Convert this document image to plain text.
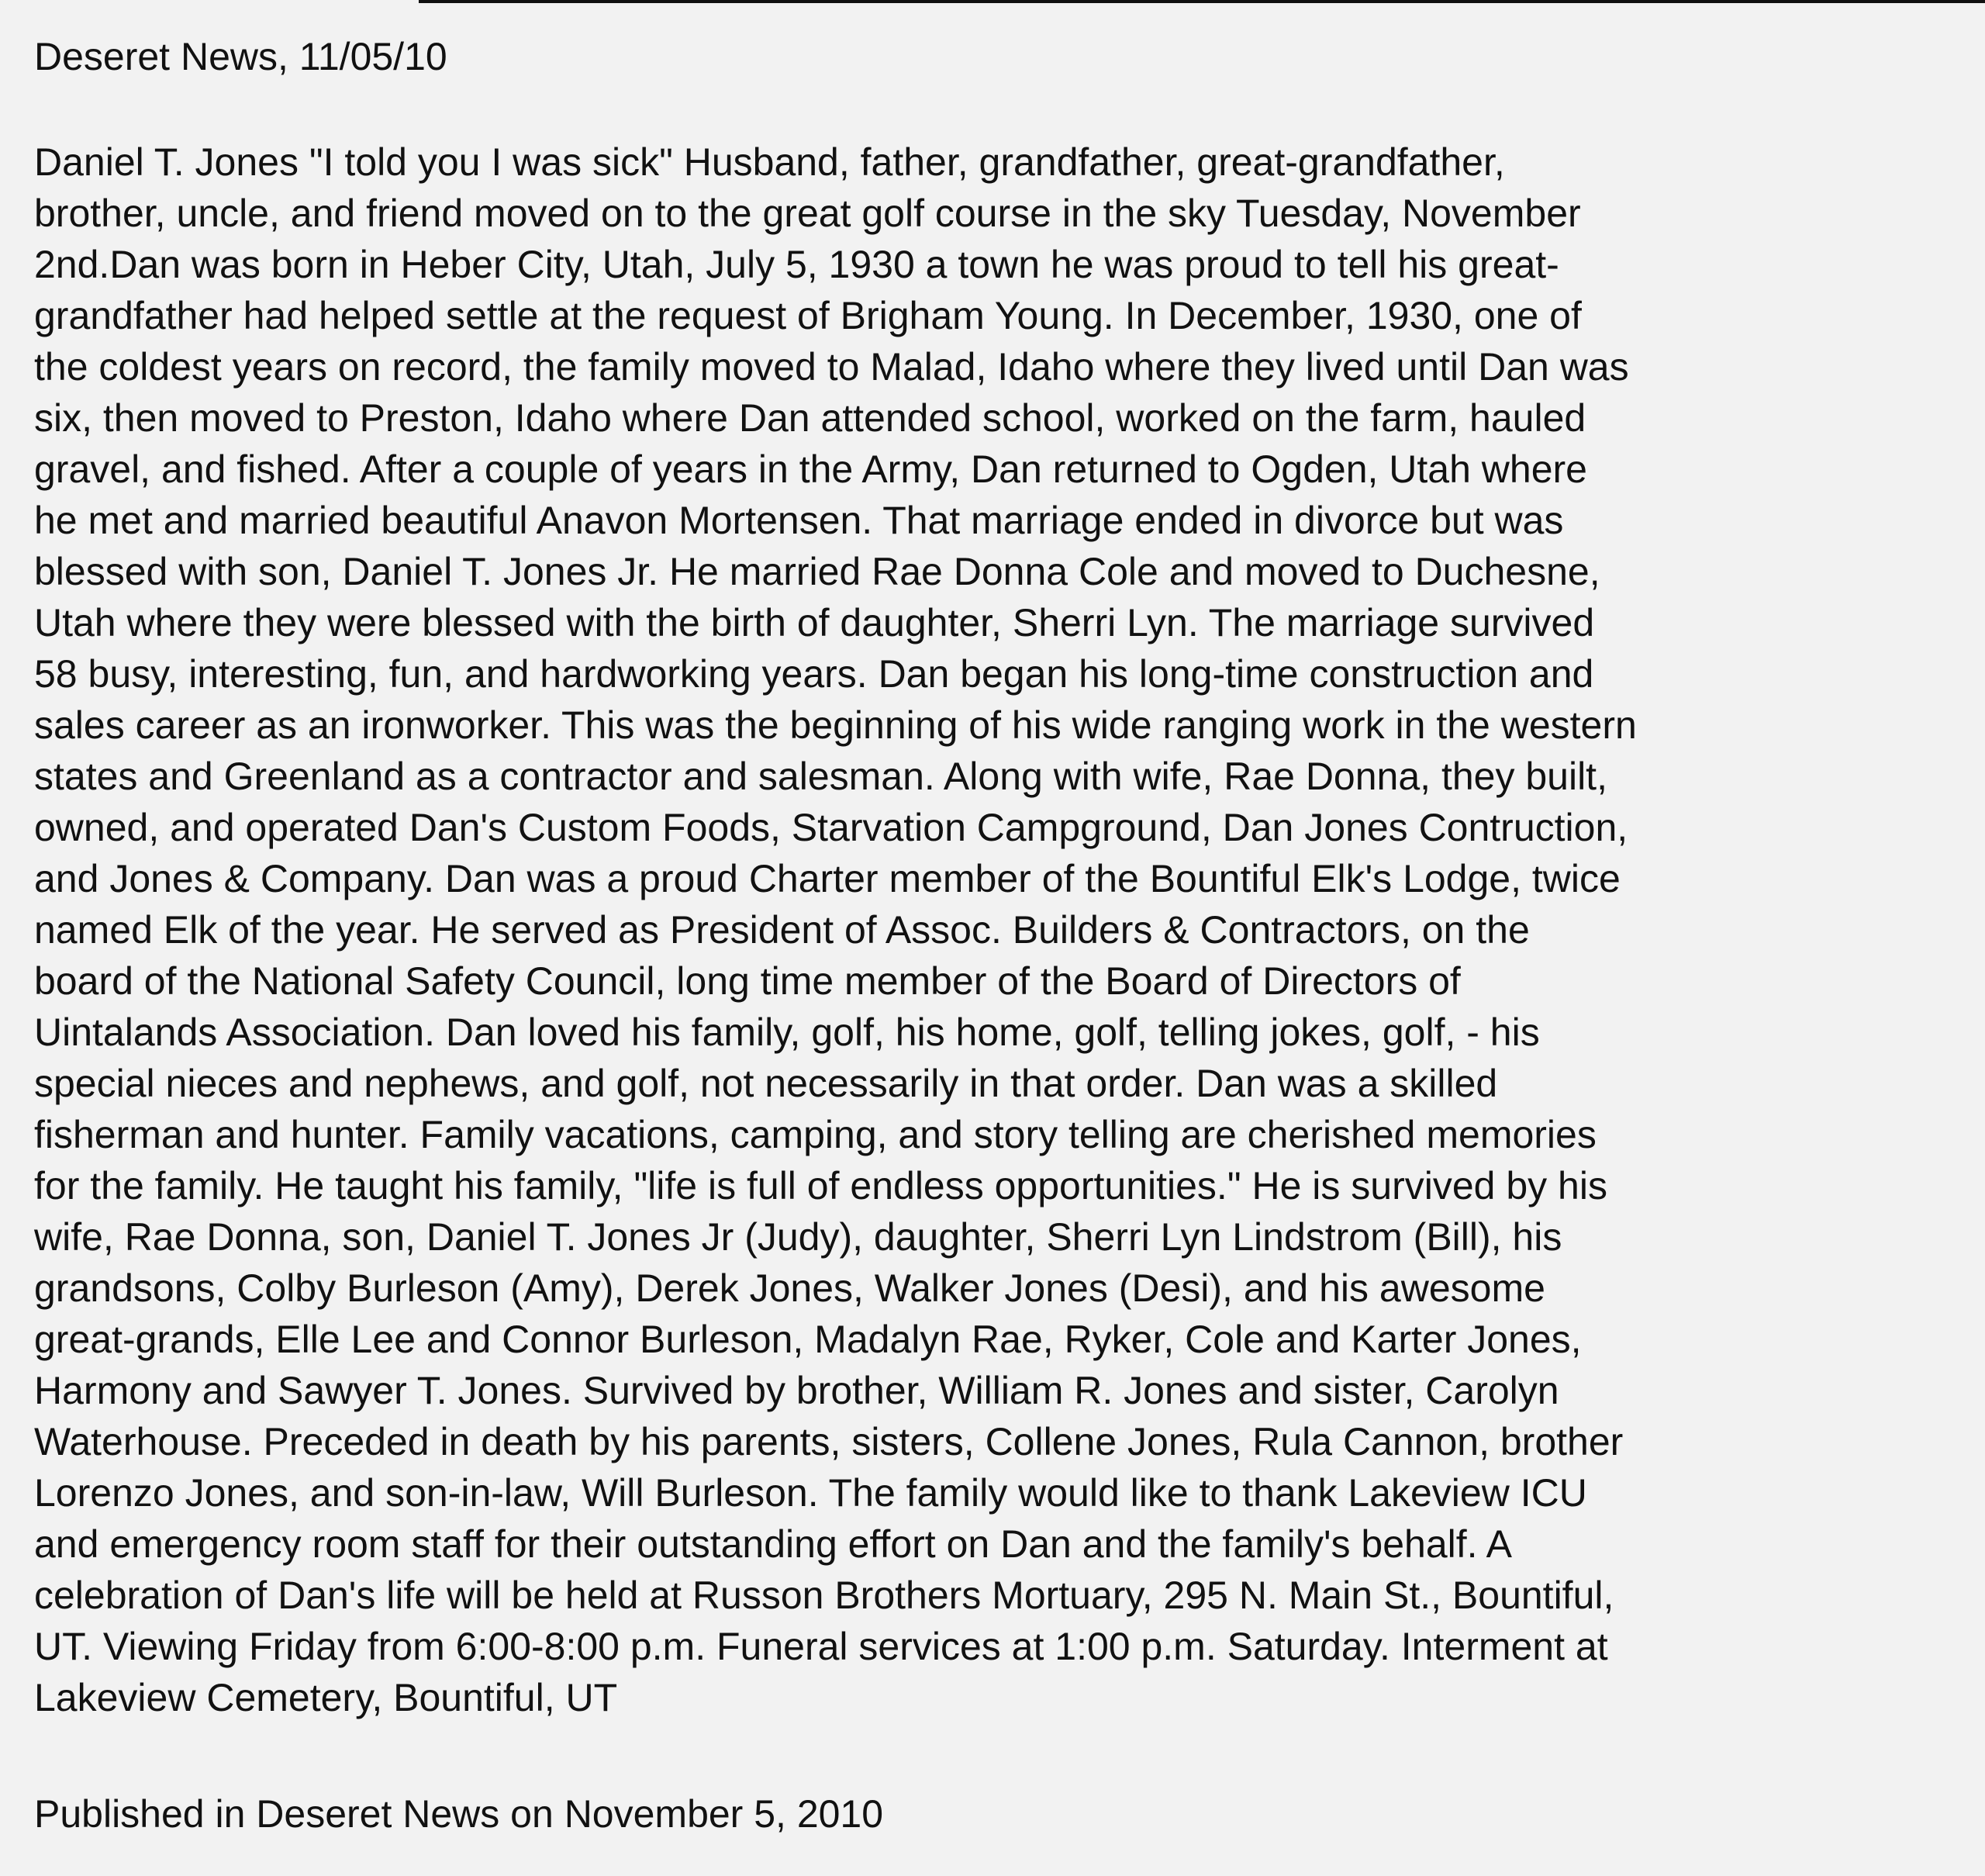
Deseret News, 11/05/10
Daniel T. Jones "I told you I was sick" Husband, father, grandfather, great-grandfather,
brother, uncle, and friend moved on to the great golf course in the sky Tuesday, November
2nd.Dan was born in Heber City, Utah, July 5, 1930 a town he was proud to tell his great-
grandfather had helped settle at the request of Brigham Young. In December, 1930, one of
the coldest years on record, the family moved to Malad, Idaho where they lived until Dan was
six, then moved to Preston, Idaho where Dan attended school, worked on the farm, hauled
gravel, and fished. After a couple of years in the Army, Dan returned to Ogden, Utah where
he met and married beautiful Anavon Mortensen. That marriage ended in divorce but was
blessed with son, Daniel T. Jones Jr. He married Rae Donna Cole and moved to Duchesne,
Utah where they were blessed with the birth of daughter, Sherri Lyn. The marriage survived
58 busy, interesting, fun, and hardworking years. Dan began his long-time construction and
sales career as an ironworker. This was the beginning of his wide ranging work in the western
states and Greenland as a contractor and salesman. Along with wife, Rae Donna, they built,
owned, and operated Dan's Custom Foods, Starvation Campground, Dan Jones Contruction,
and Jones & Company. Dan was a proud Charter member of the Bountiful Elk's Lodge, twice
named Elk of the year. He served as President of Assoc. Builders & Contractors, on the
board of the National Safety Council, long time member of the Board of Directors of
Uintalands Association. Dan loved his family, golf, his home, golf, telling jokes, golf, - his
special nieces and nephews, and golf, not necessarily in that order. Dan was a skilled
fisherman and hunter. Family vacations, camping, and story telling are cherished memories
for the family. He taught his family, "life is full of endless opportunities." He is survived by his
wife, Rae Donna, son, Daniel T. Jones Jr (Judy), daughter, Sherri Lyn Lindstrom (Bill), his
grandsons, Colby Burleson (Amy), Derek Jones, Walker Jones (Desi), and his awesome
great-grands, Elle Lee and Connor Burleson, Madalyn Rae, Ryker, Cole and Karter Jones,
Harmony and Sawyer T. Jones. Survived by brother, William R. Jones and sister, Carolyn
Waterhouse. Preceded in death by his parents, sisters, Collene Jones, Rula Cannon, brother
Lorenzo Jones, and son-in-law, Will Burleson. The family would like to thank Lakeview ICU
and emergency room staff for their outstanding effort on Dan and the family's behalf. A
celebration of Dan's life will be held at Russon Brothers Mortuary, 295 N. Main St., Bountiful,
UT. Viewing Friday from 6:00-8:00 p.m. Funeral services at 1:00 p.m. Saturday. Interment at
Lakeview Cemetery, Bountiful, UT
Published in Deseret News on November 5, 2010
